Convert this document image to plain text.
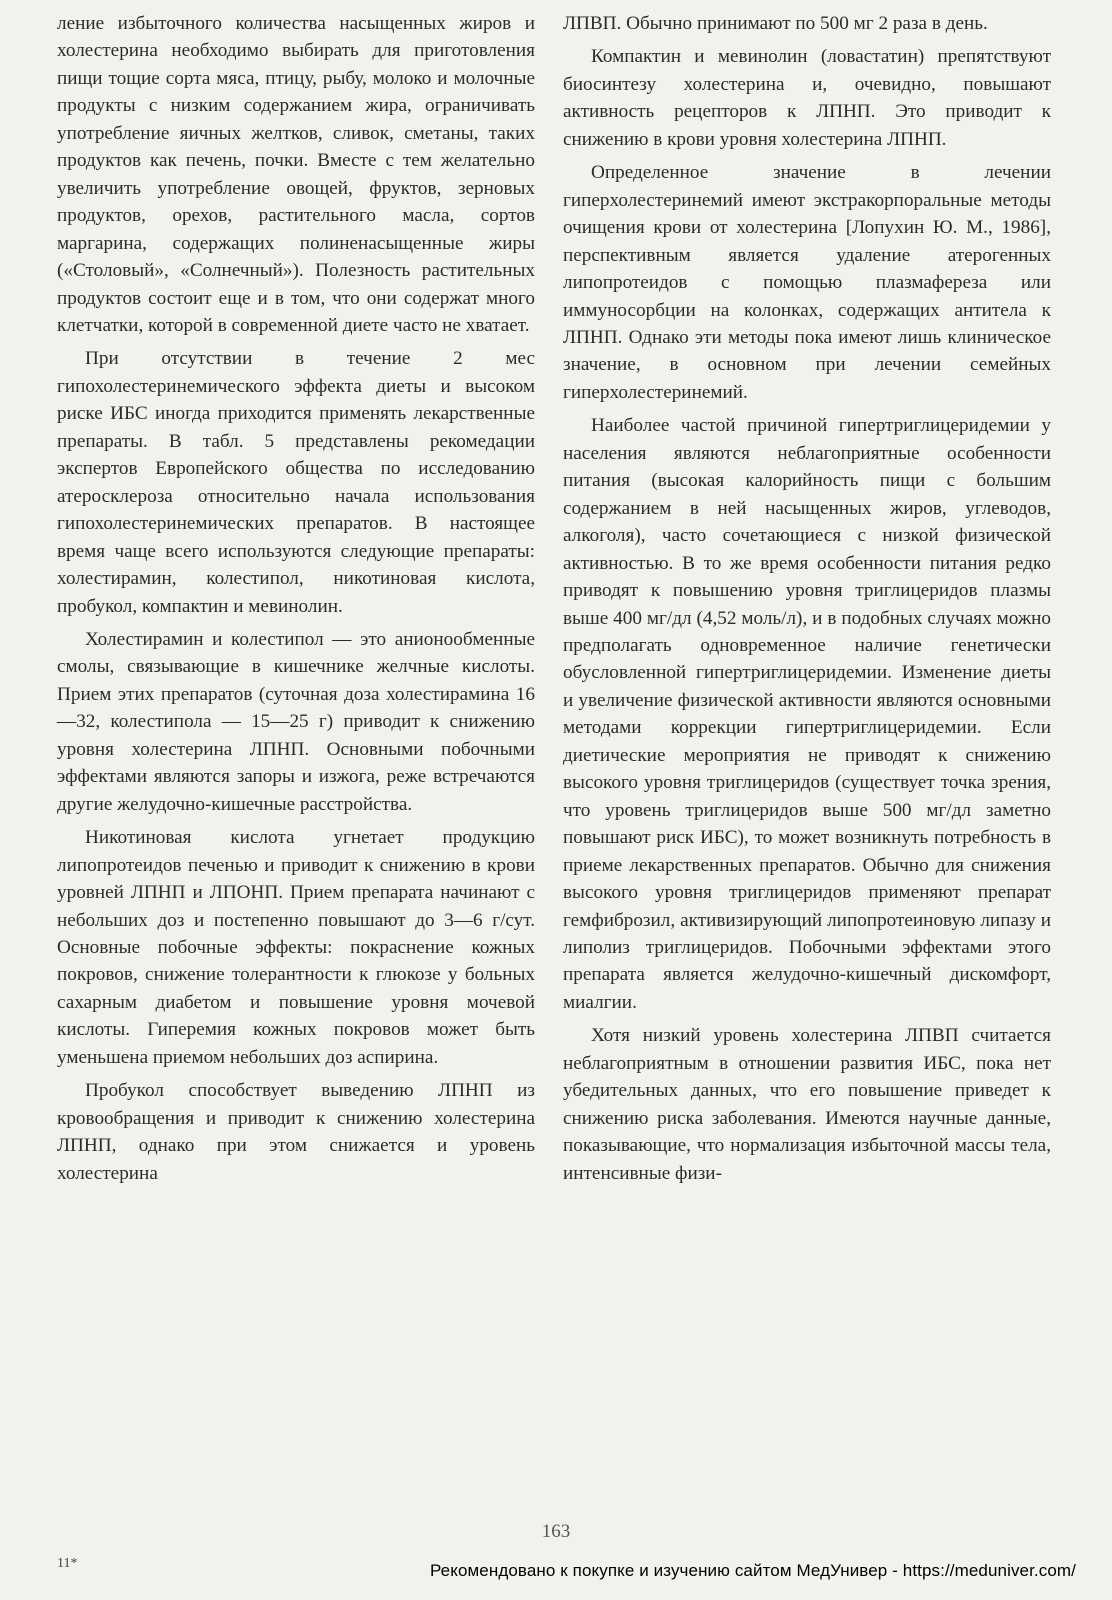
ление избыточного количества насыщенных жиров и холестерина необходимо выбирать для приготовления пищи тощие сорта мяса, птицу, рыбу, молоко и молочные продукты с низким содержанием жира, ограничивать употребление яичных желтков, сливок, сметаны, таких продуктов как печень, почки. Вместе с тем желательно увеличить употребление овощей, фруктов, зерновых продуктов, орехов, растительного масла, сортов маргарина, содержащих полиненасыщенные жиры («Столовый», «Солнечный»). Полезность растительных продуктов состоит еще и в том, что они содержат много клетчатки, которой в современной диете часто не хватает.

При отсутствии в течение 2 мес гипохолестеринемического эффекта диеты и высоком риске ИБС иногда приходится применять лекарственные препараты. В табл. 5 представлены рекомедации экспертов Европейского общества по исследованию атеросклероза относительно начала использования гипохолестеринемических препаратов. В настоящее время чаще всего используются следующие препараты: холестирамин, колестипол, никотиновая кислота, пробукол, компактин и мевинолин.

Холестирамин и колестипол — это анионообменные смолы, связывающие в кишечнике желчные кислоты. Прием этих препаратов (суточная доза холестирамина 16—32, колестипола — 15—25 г) приводит к снижению уровня холестерина ЛПНП. Основными побочными эффектами являются запоры и изжога, реже встречаются другие желудочно-кишечные расстройства.

Никотиновая кислота угнетает продукцию липопротеидов печенью и приводит к снижению в крови уровней ЛПНП и ЛПОНП. Прием препарата начинают с небольших доз и постепенно повышают до 3—6 г/сут. Основные побочные эффекты: покраснение кожных покровов, снижение толерантности к глюкозе у больных сахарным диабетом и повышение уровня мочевой кислоты. Гиперемия кожных покровов может быть уменьшена приемом небольших доз аспирина.

Пробукол способствует выведению ЛПНП из кровообращения и приводит к снижению холестерина ЛПНП, однако при этом снижается и уровень холестерина

ЛПВП. Обычно принимают по 500 мг 2 раза в день.

Компактин и мевинолин (ловастатин) препятствуют биосинтезу холестерина и, очевидно, повышают активность рецепторов к ЛПНП. Это приводит к снижению в крови уровня холестерина ЛПНП.

Определенное значение в лечении гиперхолестеринемий имеют экстракорпоральные методы очищения крови от холестерина [Лопухин Ю. М., 1986], перспективным является удаление атерогенных липопротеидов с помощью плазмафереза или иммуносорбции на колонках, содержащих антитела к ЛПНП. Однако эти методы пока имеют лишь клиническое значение, в основном при лечении семейных гиперхолестеринемий.

Наиболее частой причиной гипертриглицеридемии у населения являются неблагоприятные особенности питания (высокая калорийность пищи с большим содержанием в ней насыщенных жиров, углеводов, алкоголя), часто сочетающиеся с низкой физической активностью. В то же время особенности питания редко приводят к повышению уровня триглицеридов плазмы выше 400 мг/дл (4,52 моль/л), и в подобных случаях можно предполагать одновременное наличие генетически обусловленной гипертриглицеридемии. Изменение диеты и увеличение физической активности являются основными методами коррекции гипертриглицеридемии. Если диетические мероприятия не приводят к снижению высокого уровня триглицеридов (существует точка зрения, что уровень триглицеридов выше 500 мг/дл заметно повышают риск ИБС), то может возникнуть потребность в приеме лекарственных препаратов. Обычно для снижения высокого уровня триглицеридов применяют препарат гемфиброзил, активизирующий липопротеиновую липазу и липолиз триглицеридов. Побочными эффектами этого препарата является желудочно-кишечный дискомфорт, миалгии.

Хотя низкий уровень холестерина ЛПВП считается неблагоприятным в отношении развития ИБС, пока нет убедительных данных, что его повышение приведет к снижению риска заболевания. Имеются научные данные, показывающие, что нормализация избыточной массы тела, интенсивные физи-

163
11*	Рекомендовано к покупке и изучению сайтом МедУнивер - https://meduniver.com/
